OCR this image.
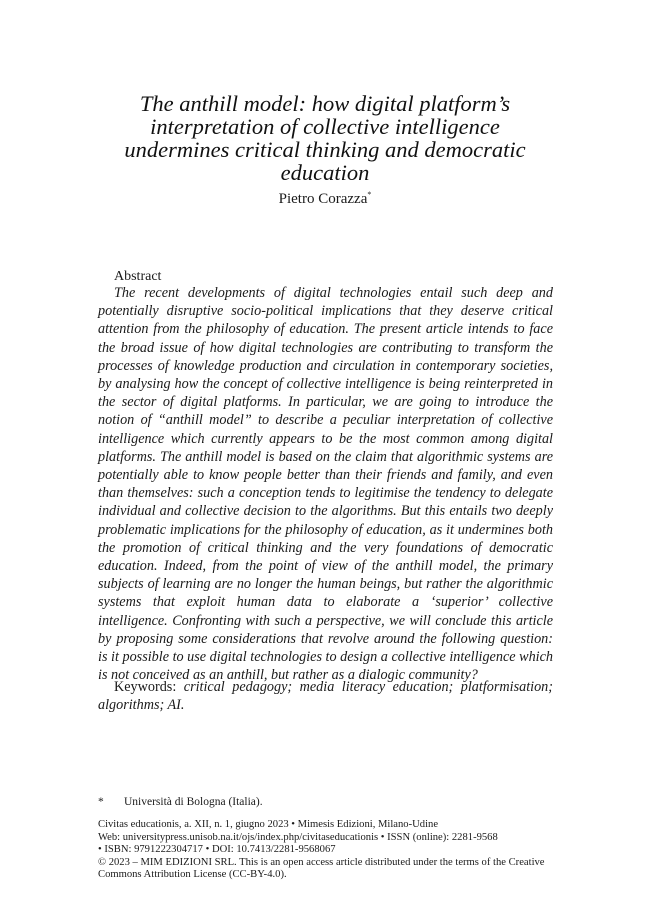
The anthill model: how digital platform’s
interpretation of collective intelligence
undermines critical thinking and democratic
education
Pietro Corazza*
Abstract

The recent developments of digital technologies entail such deep and potentially disruptive socio-political implications that they deserve critical attention from the philosophy of education. The present article intends to face the broad issue of how digital technologies are contributing to transform the processes of knowledge production and circulation in contemporary societies, by analysing how the concept of collective intelligence is being reinterpreted in the sector of digital platforms. In particular, we are going to introduce the notion of “anthill model” to describe a peculiar interpretation of collective intelligence which currently appears to be the most common among digital platforms. The anthill model is based on the claim that algorithmic systems are potentially able to know people better than their friends and family, and even than themselves: such a conception tends to legitimise the tendency to delegate individual and collective decision to the algorithms. But this entails two deeply problematic implications for the philosophy of education, as it undermines both the promotion of critical thinking and the very foundations of democratic education. Indeed, from the point of view of the anthill model, the primary subjects of learning are no longer the human beings, but rather the algorithmic systems that exploit human data to elaborate a ‘superior’ collective intelligence. Confronting with such a perspective, we will conclude this article by proposing some considerations that revolve around the following question: is it possible to use digital technologies to design a collective intelligence which is not conceived as an anthill, but rather as a dialogic community?

Keywords: critical pedagogy; media literacy education; platformisation; algorithms; AI.

* Università di Bologna (Italia).
Civitas educationis, a. XII, n. 1, giugno 2023 • Mimesis Edizioni, Milano-Udine
Web: universitypress.unisob.na.it/ojs/index.php/civitaseducationis • ISSN (online): 2281-9568
• ISBN: 9791222304717 • DOI: 10.7413/2281-9568067
© 2023 – MIM EDIZIONI SRL. This is an open access article distributed under the terms of the Creative Commons Attribution License (CC-BY-4.0).
